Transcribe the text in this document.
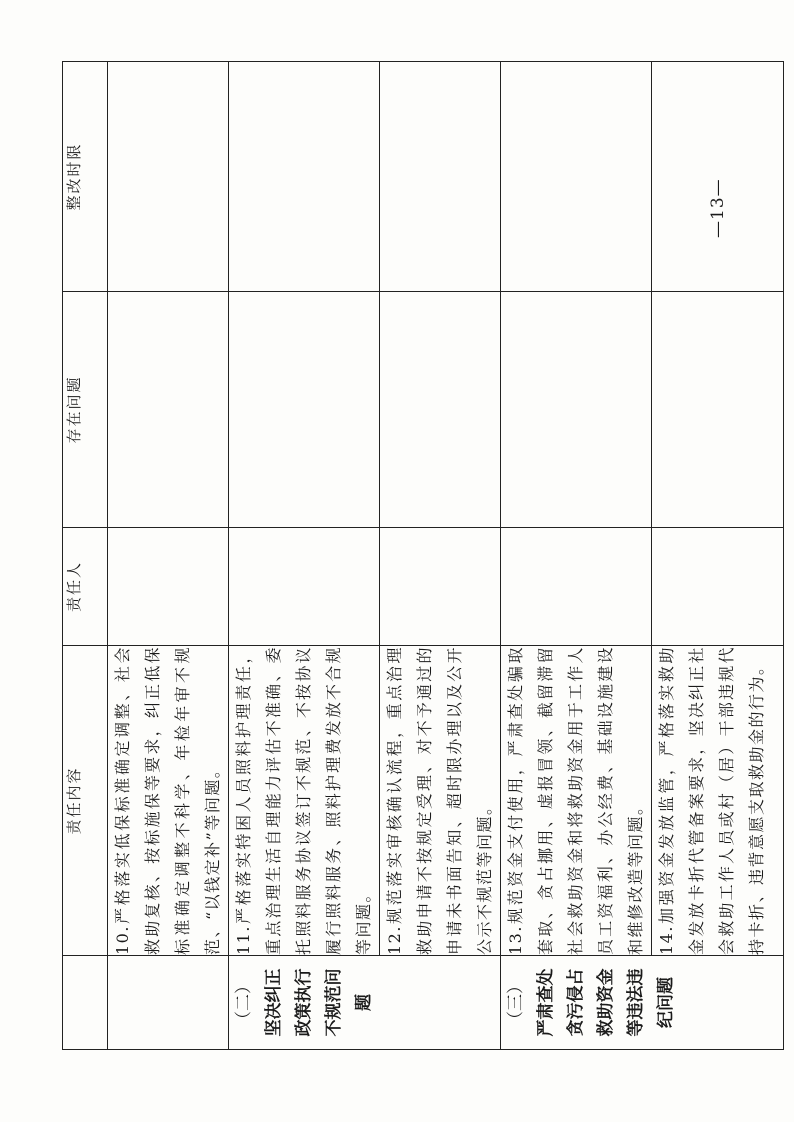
	责任内容	责任人	存在问题	整改时限
	10.严格落实低保标准确定调整、社会救助复核、按标施保等要求，纠正低保标准确定调整不科学、年检年审不规范、“以钱定补”等问题。			

（二） 坚决纠正政策执行不规范问题	11.严格落实特困人员照料护理责任，重点治理生活自理能力评估不准确、委托照料服务协议签订不规范、不按协议履行照料服务、照料护理费发放不合规等问题。			
	12.规范落实审核确认流程，重点治理救助申请不按规定受理、对不予通过的申请未书面告知、超时限办理以及公开公示不规范等问题。			

（三） 严肃查处贪污侵占救助资金等违法违纪问题	13.规范资金支付使用，严肃查处骗取套取、贪占挪用、虚报冒领、截留滞留社会救助资金和将救助资金用于工作人员工资福利、办公经费、基础设施建设和维修改造等问题。			
	14.加强资金发放监管，严格落实救助金发放卡折代管备案要求，坚决纠正社会救助工作人员或村（居）干部违规代持卡折、违背意愿支取救助金的行为。			
—13—
